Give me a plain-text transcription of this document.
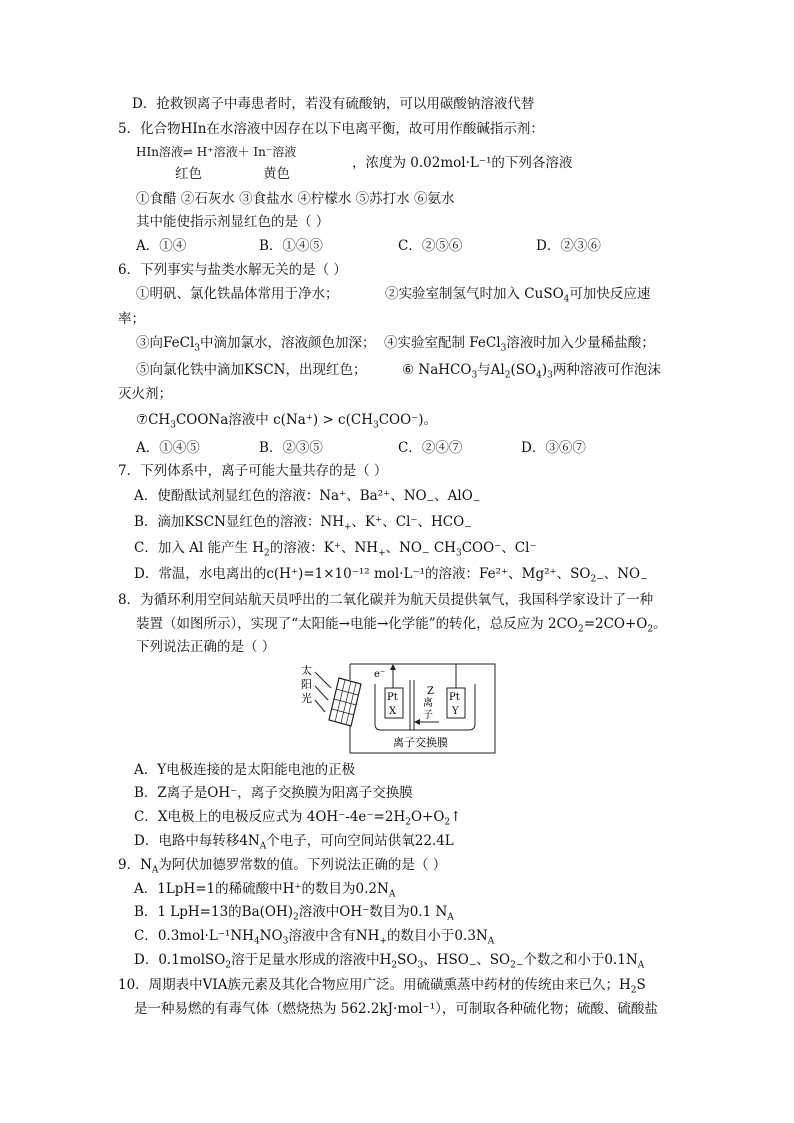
D．抢救钡离子中毒患者时，若没有硫酸钠，可以用碳酸钠溶液代替
5．化合物HIn在水溶液中因存在以下电离平衡，故可用作酸碱指示剂：
HIn溶液⇌ H⁺溶液＋ In⁻溶液
红色	黄色
，浓度为 0.02mol·L⁻¹的下列各溶液
①食醋 ②石灰水 ③食盐水 ④柠檬水 ⑤苏打水 ⑥氨水
其中能使指示剂显红色的是（ ）
A．①④	B．①④⑤	C．②⑤⑥	D．②③⑥
6．下列事实与盐类水解无关的是（ ）
①明矾、氯化铁晶体常用于净水；	②实验室制氢气时加入 CuSO$_4$可加快反应速
率；
③向FeCl$_3$中滴加氯水，溶液颜色加深； ④实验室配制 FeCl$_3$溶液时加入少量稀盐酸；
⑤向氯化铁中滴加KSCN，出现红色；	⑥ NaHCO$_3$与$Al_2(SO_4)_3$两种溶液可作泡沫
灭火剂；
$⑦CH_3COONa$溶液中 $c(Na^+) > c(CH_3COO^-)$。
A．①④⑤	B．②③⑤	C．②④⑦	D．③⑥⑦
7．下列体系中，离子可能大量共存的是（ ）
A．使酚酞试剂显红色的溶液：Na⁺、Ba²⁺、$NO_-$、AlO$_-$
B．滴加KSCN显红色的溶液：$NH_+$、K⁺、Cl⁻、$HCO_-$
C．加入 Al 能产生 $H_2$的溶液：K⁺、$NH_+$、$NO_-$ $CH_3COO^-$、Cl⁻
D．常温，水电离出的c(H⁺)=1×10⁻¹² mol·L⁻¹的溶液：Fe²⁺、Mg²⁺、$SO_{2-}$、$NO_-$
8．为循环利用空间站航天员呼出的二氧化碳并为航天员提供氧气，我国科学家设计了一种
装置（如图所示），实现了“太阳能→电能→化学能”的转化，总反应为 $2CO_2=2CO+O_2$。
下列说法正确的是（ ）
太
阳
光
e⁻
Pt
X
Pt
Y
Z
离
子
离子交换膜
A．Y电极连接的是太阳能电池的正极
B．Z离子是OH⁻，离子交换膜为阳离子交换膜
C．X电极上的电极反应式为 $4OH^--4e^-=2H_2O+O_2↑$
D．电路中每转移$4N_A$个电子，可向空间站供氧22.4L
9．$N_A$为阿伏加德罗常数的值。下列说法正确的是（ ）
A．1LpH=1的稀硫酸中H⁺的数目为$0.2N_A$
B．1 LpH=13的$Ba(OH)_2$溶液中OH⁻数目为0.1 $N_A$
C．$0.3mol\cdot L^{-1}NH_4NO_3$溶液中含有$NH_+$的数目小于$0.3N_A$
D．0.1molSO$_2$溶于足量水形成的溶液中$H_2SO_3$、$HSO_-$、$SO_{2-}$个数之和小于$0.1N_A$
10．周期表中VIA族元素及其化合物应用广泛。用硫磺熏蒸中药材的传统由来已久；$H_2S$
是一种易燃的有毒气体（燃烧热为 562.2kJ·mol⁻¹），可制取各种硫化物；硫酸、硫酸盐
